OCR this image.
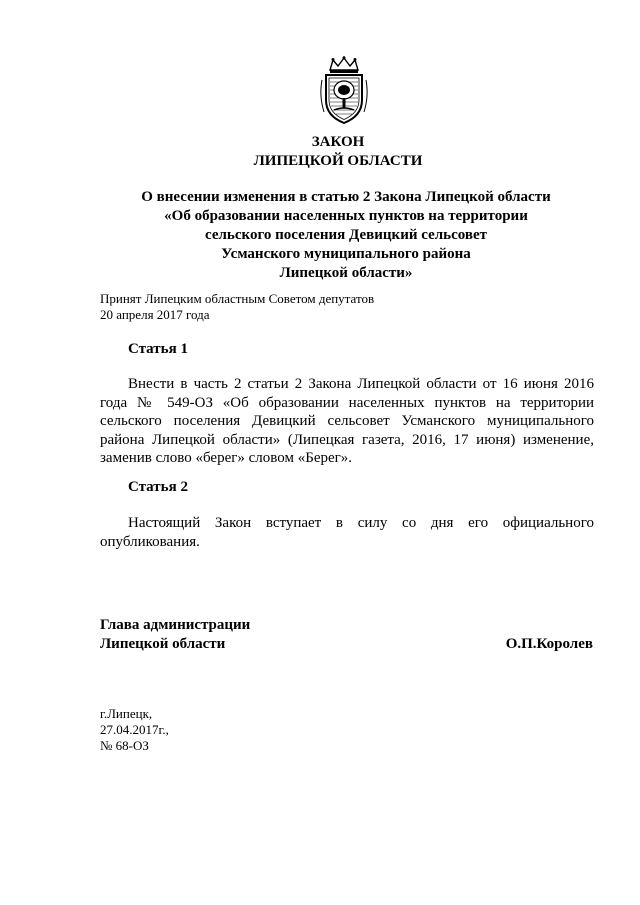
ЗАКОН
ЛИПЕЦКОЙ ОБЛАСТИ
О внесении изменения в статью 2 Закона Липецкой области
«Об образовании населенных пунктов на территории
сельского поселения Девицкий сельсовет
Усманского муниципального района
Липецкой области»
Принят Липецким областным Советом депутатов
20 апреля 2017 года
Статья 1
Внести в часть 2 статьи 2 Закона Липецкой области от 16 июня 2016 года № 549-ОЗ «Об образовании населенных пунктов на территории сельского поселения Девицкий сельсовет Усманского муниципального района Липецкой области» (Липецкая газета, 2016, 17 июня) изменение, заменив слово «берег» словом «Берег».
Статья 2
Настоящий Закон вступает в силу со дня его официального опубликования.
Глава администрации
Липецкой области	О.П.Королев
г.Липецк,
27.04.2017г.,
№ 68-ОЗ
